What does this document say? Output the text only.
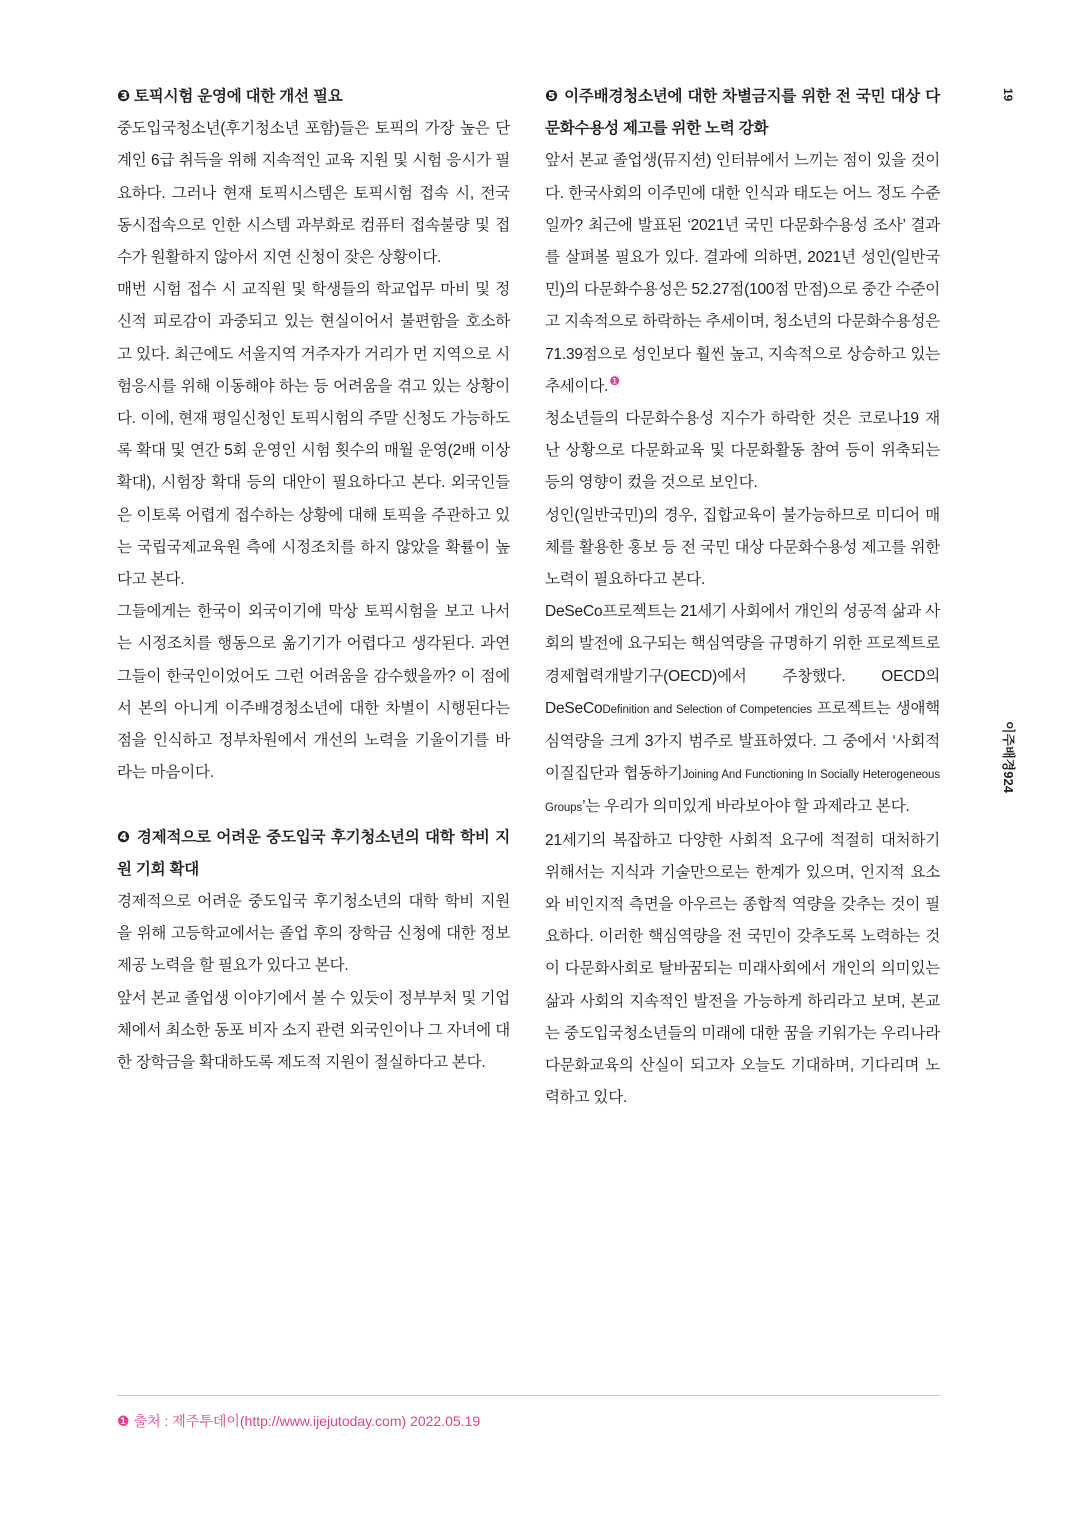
19
이주배경924
❸ 토픽시험 운영에 대한 개선 필요

중도입국청소년(후기청소년 포함)들은 토픽의 가장 높은 단계인 6급 취득을 위해 지속적인 교육 지원 및 시험 응시가 필요하다. 그러나 현재 토픽시스템은 토픽시험 접속 시, 전국 동시접속으로 인한 시스템 과부화로 컴퓨터 접속불량 및 접수가 원활하지 않아서 지연 신청이 잦은 상황이다.

매번 시험 접수 시 교직원 및 학생들의 학교업무 마비 및 정신적 피로감이 과중되고 있는 현실이어서 불편함을 호소하고 있다. 최근에도 서울지역 거주자가 거리가 먼 지역으로 시험응시를 위해 이동해야 하는 등 어려움을 겪고 있는 상황이다. 이에, 현재 평일신청인 토픽시험의 주말 신청도 가능하도록 확대 및 연간 5회 운영인 시험 횟수의 매월 운영(2배 이상 확대), 시험장 확대 등의 대안이 필요하다고 본다. 외국인들은 이토록 어렵게 접수하는 상황에 대해 토픽을 주관하고 있는 국립국제교육원 측에 시정조치를 하지 않았을 확률이 높다고 본다.

그들에게는 한국이 외국이기에 막상 토픽시험을 보고 나서는 시정조치를 행동으로 옮기기가 어렵다고 생각된다. 과연 그들이 한국인이었어도 그런 어려움을 감수했을까? 이 점에서 본의 아니게 이주배경청소년에 대한 차별이 시행된다는 점을 인식하고 정부차원에서 개선의 노력을 기울이기를 바라는 마음이다.

❹ 경제적으로 어려운 중도입국 후기청소년의 대학 학비 지원 기회 확대

경제적으로 어려운 중도입국 후기청소년의 대학 학비 지원을 위해 고등학교에서는 졸업 후의 장학금 신청에 대한 정보 제공 노력을 할 필요가 있다고 본다.

앞서 본교 졸업생 이야기에서 볼 수 있듯이 정부부처 및 기업체에서 최소한 동포 비자 소지 관련 외국인이나 그 자녀에 대한 장학금을 확대하도록 제도적 지원이 절실하다고 본다.

❺ 이주배경청소년에 대한 차별금지를 위한 전 국민 대상 다문화수용성 제고를 위한 노력 강화

앞서 본교 졸업생(뮤지션) 인터뷰에서 느끼는 점이 있을 것이다. 한국사회의 이주민에 대한 인식과 태도는 어느 정도 수준일까? 최근에 발표된 ‘2021년 국민 다문화수용성 조사’ 결과를 살펴볼 필요가 있다. 결과에 의하면, 2021년 성인(일반국민)의 다문화수용성은 52.27점(100점 만점)으로 중간 수준이고 지속적으로 하락하는 추세이며, 청소년의 다문화수용성은 71.39점으로 성인보다 훨씬 높고, 지속적으로 상승하고 있는 추세이다.$^❶$

청소년들의 다문화수용성 지수가 하락한 것은 코로나19 재난 상황으로 다문화교육 및 다문화활동 참여 등이 위축되는 등의 영향이 컸을 것으로 보인다.

성인(일반국민)의 경우, 집합교육이 불가능하므로 미디어 매체를 활용한 홍보 등 전 국민 대상 다문화수용성 제고를 위한 노력이 필요하다고 본다.

DeSeCo프로젝트는 21세기 사회에서 개인의 성공적 삶과 사회의 발전에 요구되는 핵심역량을 규명하기 위한 프로젝트로 경제협력개발기구(OECD)에서 주창했다. OECD의 DeSeCoDefinition and Selection of Competencies 프로젝트는 생애핵심역량을 크게 3가지 범주로 발표하였다. 그 중에서 ‘사회적 이질집단과 협동하기Joining And Functioning In Socially Heterogeneous Groups’는 우리가 의미있게 바라보아야 할 과제라고 본다.

21세기의 복잡하고 다양한 사회적 요구에 적절히 대처하기 위해서는 지식과 기술만으로는 한계가 있으며, 인지적 요소와 비인지적 측면을 아우르는 종합적 역량을 갖추는 것이 필요하다. 이러한 핵심역량을 전 국민이 갖추도록 노력하는 것이 다문화사회로 탈바꿈되는 미래사회에서 개인의 의미있는 삶과 사회의 지속적인 발전을 가능하게 하리라고 보며, 본교는 중도입국청소년들의 미래에 대한 꿈을 키워가는 우리나라 다문화교육의 산실이 되고자 오늘도 기대하며, 기다리며 노력하고 있다.

❶ 출처 : 제주투데이(http://www.ijejutoday.com) 2022.05.19
